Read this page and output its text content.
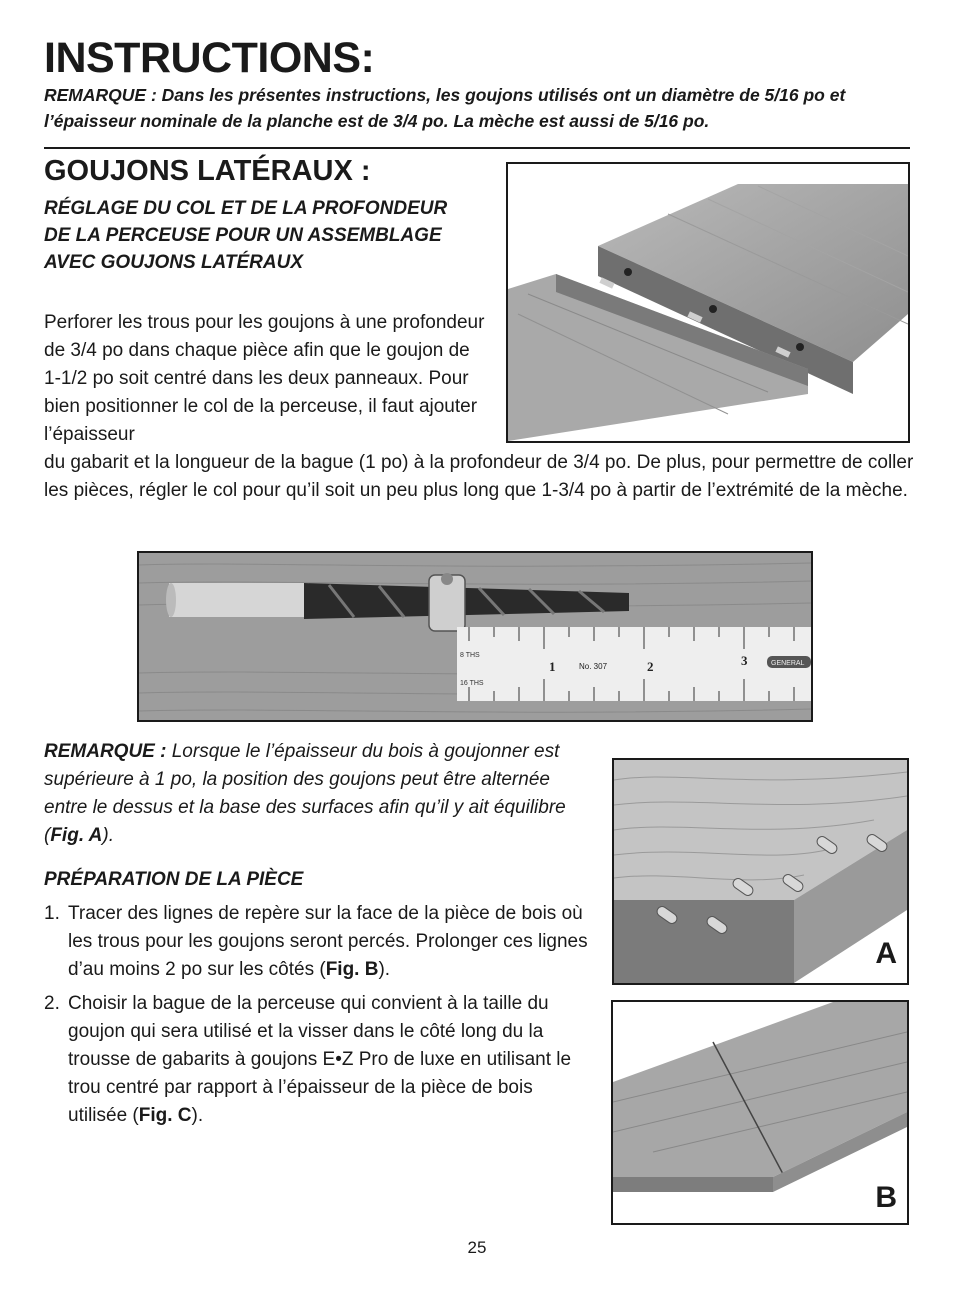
INSTRUCTIONS:

REMARQUE : Dans les présentes instructions, les goujons utilisés ont un diamètre de 5/16 po et l’épaisseur nominale de la planche est de 3/4 po. La mèche est aussi de 5/16 po.

GOUJONS LATÉRAUX :

RÉGLAGE DU COL ET DE LA PROFONDEUR DE LA PERCEUSE POUR UN ASSEMBLAGE AVEC GOUJONS LATÉRAUX

Perforer les trous pour les goujons à une profondeur de 3/4 po dans chaque pièce afin que le goujon de 1-1/2 po soit centré dans les deux panneaux. Pour bien positionner le col de la perceuse, il faut ajouter l’épaisseur

du gabarit et la longueur de la bague (1 po) à la profondeur de 3/4 po. De plus, pour permettre de coller les pièces, régler le col pour qu’il soit un peu plus long que 1-3/4 po à partir de l’extrémité de la mèche.

8 THS
16 THS
1	No. 307	2	3	GENERAL

REMARQUE : Lorsque le l’épaisseur du bois à goujonner est supérieure à 1 po, la position des goujons peut être alternée entre le dessus et la base des surfaces afin qu’il y ait équilibre (Fig. A).

PRÉPARATION DE LA PIÈCE

1. Tracer des lignes de repère sur la face de la pièce de bois où les trous pour les goujons seront percés. Prolonger ces lignes d’au moins 2 po sur les côtés (Fig. B).
2. Choisir la bague de la perceuse qui convient à la taille du goujon qui sera utilisé et la visser dans le côté long du la trousse de gabarits à goujons E•Z Pro de luxe en utilisant le trou centré par rapport à l’épaisseur de la pièce de bois utilisée (Fig. C).
A
B

25
